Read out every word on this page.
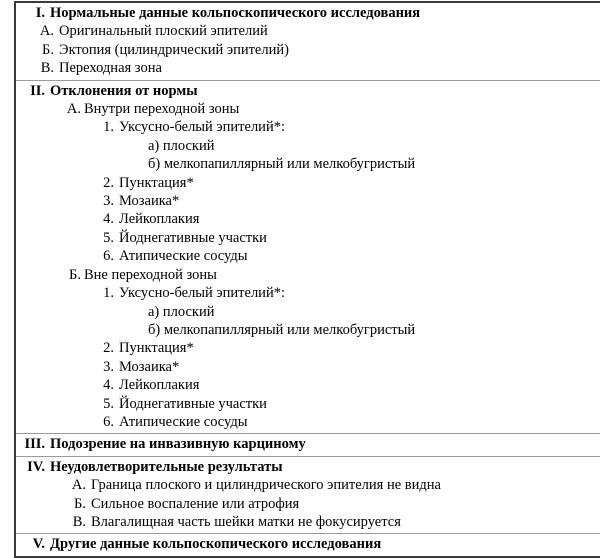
I. Нормальные данные кольпоскопического исследования
А. Оригинальный плоский эпителий
Б. Эктопия (цилиндрический эпителий)
В. Переходная зона

II. Отклонения от нормы
А. Внутри переходной зоны
1. Уксусно-белый эпителий*:
а) плоский
б) мелкопапиллярный или мелкобугристый
2. Пунктация*
3. Мозаика*
4. Лейкоплакия
5. Йоднегативные участки
6. Атипические сосуды
Б. Вне переходной зоны
1. Уксусно-белый эпителий*:
а) плоский
б) мелкопапиллярный или мелкобугристый
2. Пунктация*
3. Мозаика*
4. Лейкоплакия
5. Йоднегативные участки
6. Атипические сосуды

III. Подозрение на инвазивную карциному

IV. Неудовлетворительные результаты
А. Граница плоского и цилиндрического эпителия не видна
Б. Сильное воспаление или атрофия
В. Влагалищная часть шейки матки не фокусируется

V. Другие данные кольпоскопического исследования
